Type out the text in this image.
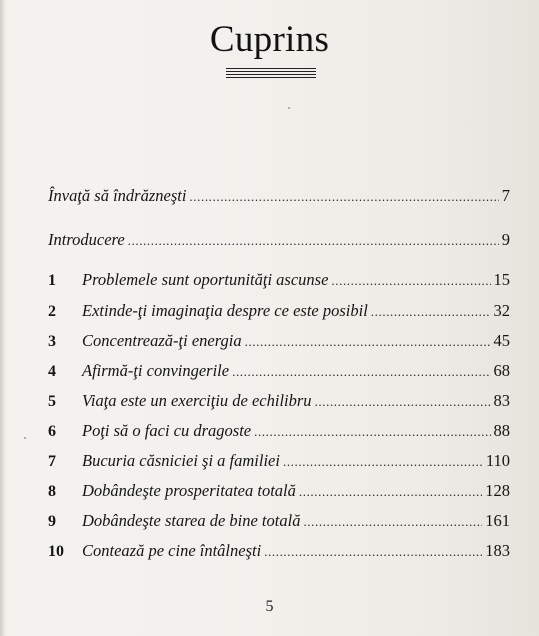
Cuprins
Învaţă să îndrăzneşti .....	7
Introducere .....	9
1	Problemele sunt oportunităţi ascunse .....	15
2	Extinde-ţi imaginaţia despre ce este posibil .....	32
3	Concentrează-ţi energia .....	45
4	Afirmă-ţi convingerile .....	68
5	Viaţa este un exerciţiu de echilibru .....	83
6	Poţi să o faci cu dragoste .....	88
7	Bucuria căsniciei şi a familiei .....	110
8	Dobândeşte prosperitatea totală .....	128
9	Dobândeşte starea de bine totală .....	161
10	Contează pe cine întâlneşti .....	183
5
